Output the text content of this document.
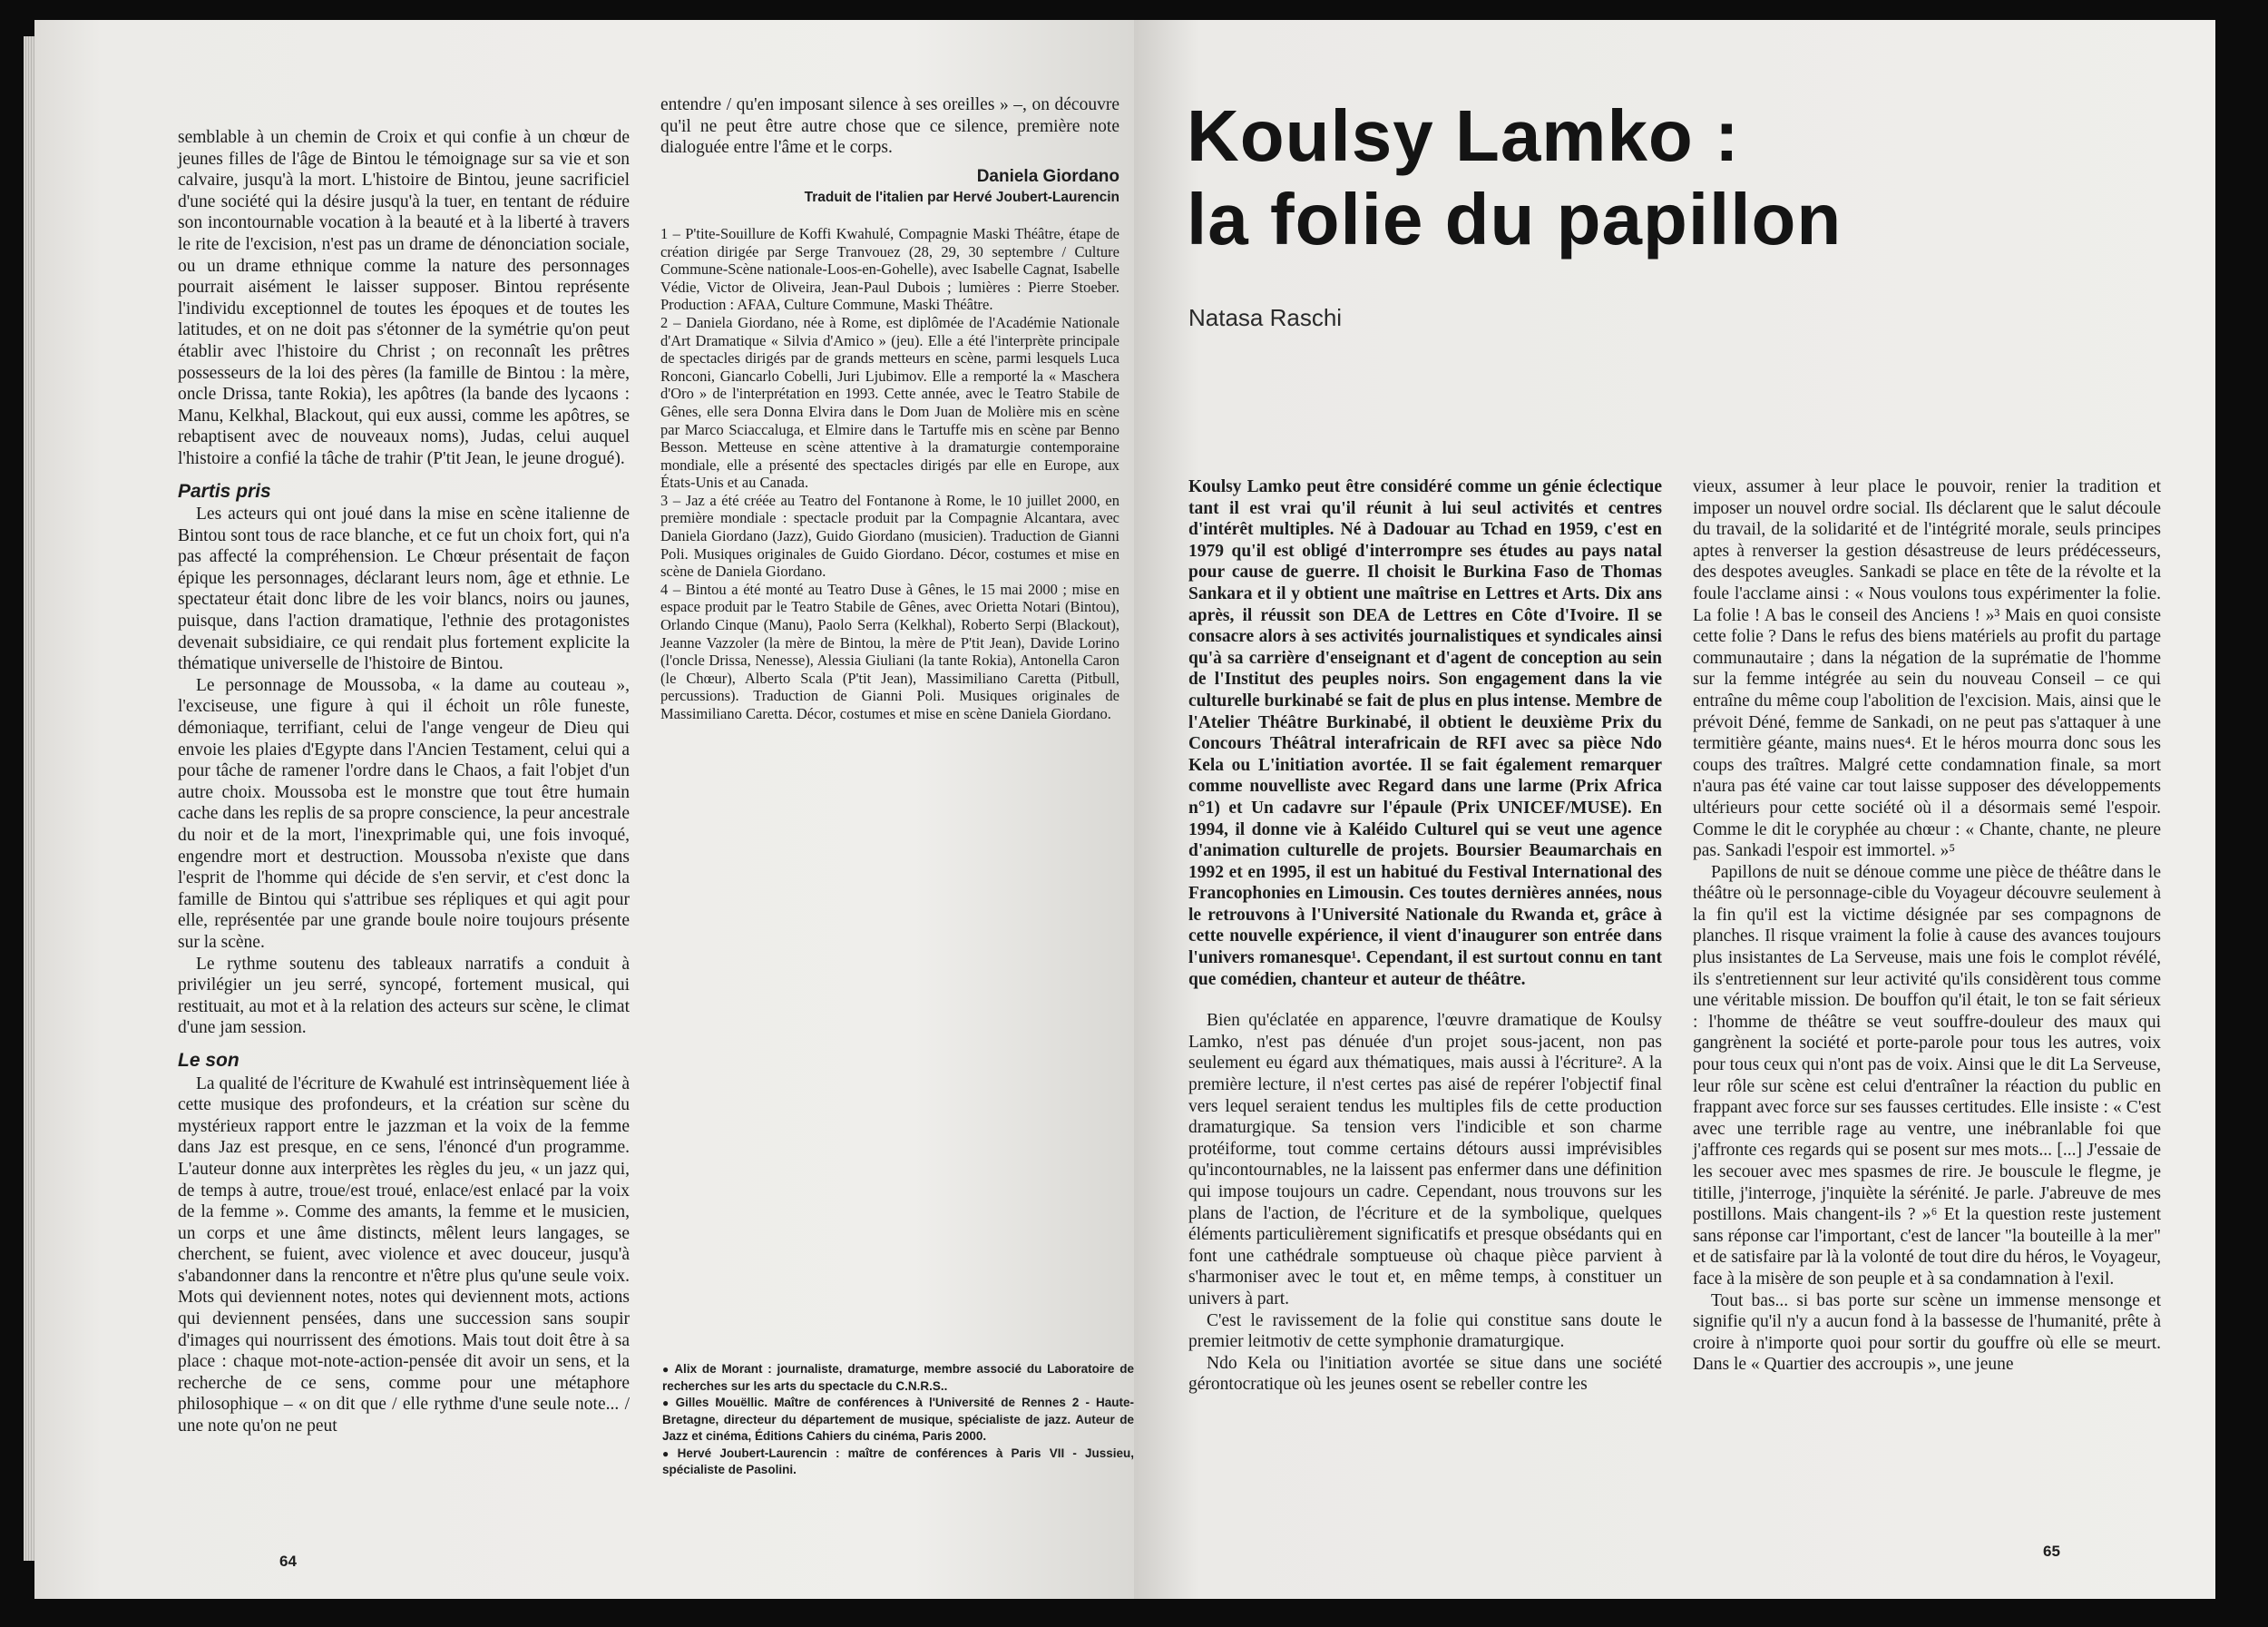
semblable à un chemin de Croix et qui confie à un chœur de jeunes filles de l'âge de Bintou le témoignage sur sa vie et son calvaire, jusqu'à la mort. L'histoire de Bintou, jeune sacrificiel d'une société qui la désire jusqu'à la tuer, en tentant de réduire son incontournable vocation à la beauté et à la liberté à travers le rite de l'excision, n'est pas un drame de dénonciation sociale, ou un drame ethnique comme la nature des personnages pourrait aisément le laisser supposer. Bintou représente l'individu exceptionnel de toutes les époques et de toutes les latitudes, et on ne doit pas s'étonner de la symétrie qu'on peut établir avec l'histoire du Christ ; on reconnaît les prêtres possesseurs de la loi des pères (la famille de Bintou : la mère, oncle Drissa, tante Rokia), les apôtres (la bande des lycaons : Manu, Kelkhal, Blackout, qui eux aussi, comme les apôtres, se rebaptisent avec de nouveaux noms), Judas, celui auquel l'histoire a confié la tâche de trahir (P'tit Jean, le jeune drogué).

Partis pris

Les acteurs qui ont joué dans la mise en scène italienne de Bintou sont tous de race blanche, et ce fut un choix fort, qui n'a pas affecté la compréhension. Le Chœur présentait de façon épique les personnages, déclarant leurs nom, âge et ethnie. Le spectateur était donc libre de les voir blancs, noirs ou jaunes, puisque, dans l'action dramatique, l'ethnie des protagonistes devenait subsidiaire, ce qui rendait plus fortement explicite la thématique universelle de l'histoire de Bintou.

Le personnage de Moussoba, « la dame au couteau », l'exciseuse, une figure à qui il échoit un rôle funeste, démoniaque, terrifiant, celui de l'ange vengeur de Dieu qui envoie les plaies d'Egypte dans l'Ancien Testament, celui qui a pour tâche de ramener l'ordre dans le Chaos, a fait l'objet d'un autre choix. Moussoba est le monstre que tout être humain cache dans les replis de sa propre conscience, la peur ancestrale du noir et de la mort, l'inexprimable qui, une fois invoqué, engendre mort et destruction. Moussoba n'existe que dans l'esprit de l'homme qui décide de s'en servir, et c'est donc la famille de Bintou qui s'attribue ses répliques et qui agit pour elle, représentée par une grande boule noire toujours présente sur la scène.

Le rythme soutenu des tableaux narratifs a conduit à privilégier un jeu serré, syncopé, fortement musical, qui restituait, au mot et à la relation des acteurs sur scène, le climat d'une jam session.

Le son

La qualité de l'écriture de Kwahulé est intrinsèquement liée à cette musique des profondeurs, et la création sur scène du mystérieux rapport entre le jazzman et la voix de la femme dans Jaz est presque, en ce sens, l'énoncé d'un programme. L'auteur donne aux interprètes les règles du jeu, « un jazz qui, de temps à autre, troue/est troué, enlace/est enlacé par la voix de la femme ». Comme des amants, la femme et le musicien, un corps et une âme distincts, mêlent leurs langages, se cherchent, se fuient, avec violence et avec douceur, jusqu'à s'abandonner dans la rencontre et n'être plus qu'une seule voix. Mots qui deviennent notes, notes qui deviennent mots, actions qui deviennent pensées, dans une succession sans soupir d'images qui nourrissent des émotions. Mais tout doit être à sa place : chaque mot-note-action-pensée dit avoir un sens, et la recherche de ce sens, comme pour une métaphore philosophique – « on dit que / elle rythme d'une seule note... / une note qu'on ne peut

entendre / qu'en imposant silence à ses oreilles » –, on découvre qu'il ne peut être autre chose que ce silence, première note dialoguée entre l'âme et le corps.

Daniela Giordano
Traduit de l'italien par Hervé Joubert-Laurencin

1 – P'tite-Souillure de Koffi Kwahulé, Compagnie Maski Théâtre, étape de création dirigée par Serge Tranvouez (28, 29, 30 septembre / Culture Commune-Scène nationale-Loos-en-Gohelle), avec Isabelle Cagnat, Isabelle Védie, Victor de Oliveira, Jean-Paul Dubois ; lumières : Pierre Stoeber. Production : AFAA, Culture Commune, Maski Théâtre.

2 – Daniela Giordano, née à Rome, est diplômée de l'Académie Nationale d'Art Dramatique « Silvia d'Amico » (jeu). Elle a été l'interprète principale de spectacles dirigés par de grands metteurs en scène, parmi lesquels Luca Ronconi, Giancarlo Cobelli, Juri Ljubimov. Elle a remporté la « Maschera d'Oro » de l'interprétation en 1993. Cette année, avec le Teatro Stabile de Gênes, elle sera Donna Elvira dans le Dom Juan de Molière mis en scène par Marco Sciaccaluga, et Elmire dans le Tartuffe mis en scène par Benno Besson. Metteuse en scène attentive à la dramaturgie contemporaine mondiale, elle a présenté des spectacles dirigés par elle en Europe, aux États-Unis et au Canada.

3 – Jaz a été créée au Teatro del Fontanone à Rome, le 10 juillet 2000, en première mondiale : spectacle produit par la Compagnie Alcantara, avec Daniela Giordano (Jazz), Guido Giordano (musicien). Traduction de Gianni Poli. Musiques originales de Guido Giordano. Décor, costumes et mise en scène de Daniela Giordano.

4 – Bintou a été monté au Teatro Duse à Gênes, le 15 mai 2000 ; mise en espace produit par le Teatro Stabile de Gênes, avec Orietta Notari (Bintou), Orlando Cinque (Manu), Paolo Serra (Kelkhal), Roberto Serpi (Blackout), Jeanne Vazzoler (la mère de Bintou, la mère de P'tit Jean), Davide Lorino (l'oncle Drissa, Nenesse), Alessia Giuliani (la tante Rokia), Antonella Caron (le Chœur), Alberto Scala (P'tit Jean), Massimiliano Caretta (Pitbull, percussions). Traduction de Gianni Poli. Musiques originales de Massimiliano Caretta. Décor, costumes et mise en scène Daniela Giordano.

● Alix de Morant : journaliste, dramaturge, membre associé du Laboratoire de recherches sur les arts du spectacle du C.N.R.S..

● Gilles Mouëllic. Maître de conférences à l'Université de Rennes 2 - Haute-Bretagne, directeur du département de musique, spécialiste de jazz. Auteur de Jazz et cinéma, Éditions Cahiers du cinéma, Paris 2000.

● Hervé Joubert-Laurencin : maître de conférences à Paris VII - Jussieu, spécialiste de Pasolini.

64
Koulsy Lamko :
la folie du papillon
Natasa Raschi

Koulsy Lamko peut être considéré comme un génie éclectique tant il est vrai qu'il réunit à lui seul activités et centres d'intérêt multiples. Né à Dadouar au Tchad en 1959, c'est en 1979 qu'il est obligé d'interrompre ses études au pays natal pour cause de guerre. Il choisit le Burkina Faso de Thomas Sankara et il y obtient une maîtrise en Lettres et Arts. Dix ans après, il réussit son DEA de Lettres en Côte d'Ivoire. Il se consacre alors à ses activités journalistiques et syndicales ainsi qu'à sa carrière d'enseignant et d'agent de conception au sein de l'Institut des peuples noirs. Son engagement dans la vie culturelle burkinabé se fait de plus en plus intense. Membre de l'Atelier Théâtre Burkinabé, il obtient le deuxième Prix du Concours Théâtral interafricain de RFI avec sa pièce Ndo Kela ou L'initiation avortée. Il se fait également remarquer comme nouvelliste avec Regard dans une larme (Prix Africa n°1) et Un cadavre sur l'épaule (Prix UNICEF/MUSE). En 1994, il donne vie à Kaléido Culturel qui se veut une agence d'animation culturelle de projets. Boursier Beaumarchais en 1992 et en 1995, il est un habitué du Festival International des Francophonies en Limousin. Ces toutes dernières années, nous le retrouvons à l'Université Nationale du Rwanda et, grâce à cette nouvelle expérience, il vient d'inaugurer son entrée dans l'univers romanesque¹. Cependant, il est surtout connu en tant que comédien, chanteur et auteur de théâtre.

Bien qu'éclatée en apparence, l'œuvre dramatique de Koulsy Lamko, n'est pas dénuée d'un projet sous-jacent, non pas seulement eu égard aux thématiques, mais aussi à l'écriture². A la première lecture, il n'est certes pas aisé de repérer l'objectif final vers lequel seraient tendus les multiples fils de cette production dramaturgique. Sa tension vers l'indicible et son charme protéiforme, tout comme certains détours aussi imprévisibles qu'incontournables, ne la laissent pas enfermer dans une définition qui impose toujours un cadre. Cependant, nous trouvons sur les plans de l'action, de l'écriture et de la symbolique, quelques éléments particulièrement significatifs et presque obsédants qui en font une cathédrale somptueuse où chaque pièce parvient à s'harmoniser avec le tout et, en même temps, à constituer un univers à part.

C'est le ravissement de la folie qui constitue sans doute le premier leitmotiv de cette symphonie dramaturgique.

Ndo Kela ou l'initiation avortée se situe dans une société gérontocratique où les jeunes osent se rebeller contre les

vieux, assumer à leur place le pouvoir, renier la tradition et imposer un nouvel ordre social. Ils déclarent que le salut découle du travail, de la solidarité et de l'intégrité morale, seuls principes aptes à renverser la gestion désastreuse de leurs prédécesseurs, des despotes aveugles. Sankadi se place en tête de la révolte et la foule l'acclame ainsi : « Nous voulons tous expérimenter la folie. La folie ! A bas le conseil des Anciens ! »³ Mais en quoi consiste cette folie ? Dans le refus des biens matériels au profit du partage communautaire ; dans la négation de la suprématie de l'homme sur la femme intégrée au sein du nouveau Conseil – ce qui entraîne du même coup l'abolition de l'excision. Mais, ainsi que le prévoit Déné, femme de Sankadi, on ne peut pas s'attaquer à une termitière géante, mains nues⁴. Et le héros mourra donc sous les coups des traîtres. Malgré cette condamnation finale, sa mort n'aura pas été vaine car tout laisse supposer des développements ultérieurs pour cette société où il a désormais semé l'espoir. Comme le dit le coryphée au chœur : « Chante, chante, ne pleure pas. Sankadi l'espoir est immortel. »⁵

Papillons de nuit se dénoue comme une pièce de théâtre dans le théâtre où le personnage-cible du Voyageur découvre seulement à la fin qu'il est la victime désignée par ses compagnons de planches. Il risque vraiment la folie à cause des avances toujours plus insistantes de La Serveuse, mais une fois le complot révélé, ils s'entretiennent sur leur activité qu'ils considèrent tous comme une véritable mission. De bouffon qu'il était, le ton se fait sérieux : l'homme de théâtre se veut souffre-douleur des maux qui gangrènent la société et porte-parole pour tous les autres, voix pour tous ceux qui n'ont pas de voix. Ainsi que le dit La Serveuse, leur rôle sur scène est celui d'entraîner la réaction du public en frappant avec force sur ses fausses certitudes. Elle insiste : « C'est avec une terrible rage au ventre, une inébranlable foi que j'affronte ces regards qui se posent sur mes mots... [...] J'essaie de les secouer avec mes spasmes de rire. Je bouscule le flegme, je titille, j'interroge, j'inquiète la sérénité. Je parle. J'abreuve de mes postillons. Mais changent-ils ? »⁶ Et la question reste justement sans réponse car l'important, c'est de lancer "la bouteille à la mer" et de satisfaire par là la volonté de tout dire du héros, le Voyageur, face à la misère de son peuple et à sa condamnation à l'exil.

Tout bas... si bas porte sur scène un immense mensonge et signifie qu'il n'y a aucun fond à la bassesse de l'humanité, prête à croire à n'importe quoi pour sortir du gouffre où elle se meurt. Dans le « Quartier des accroupis », une jeune

65
